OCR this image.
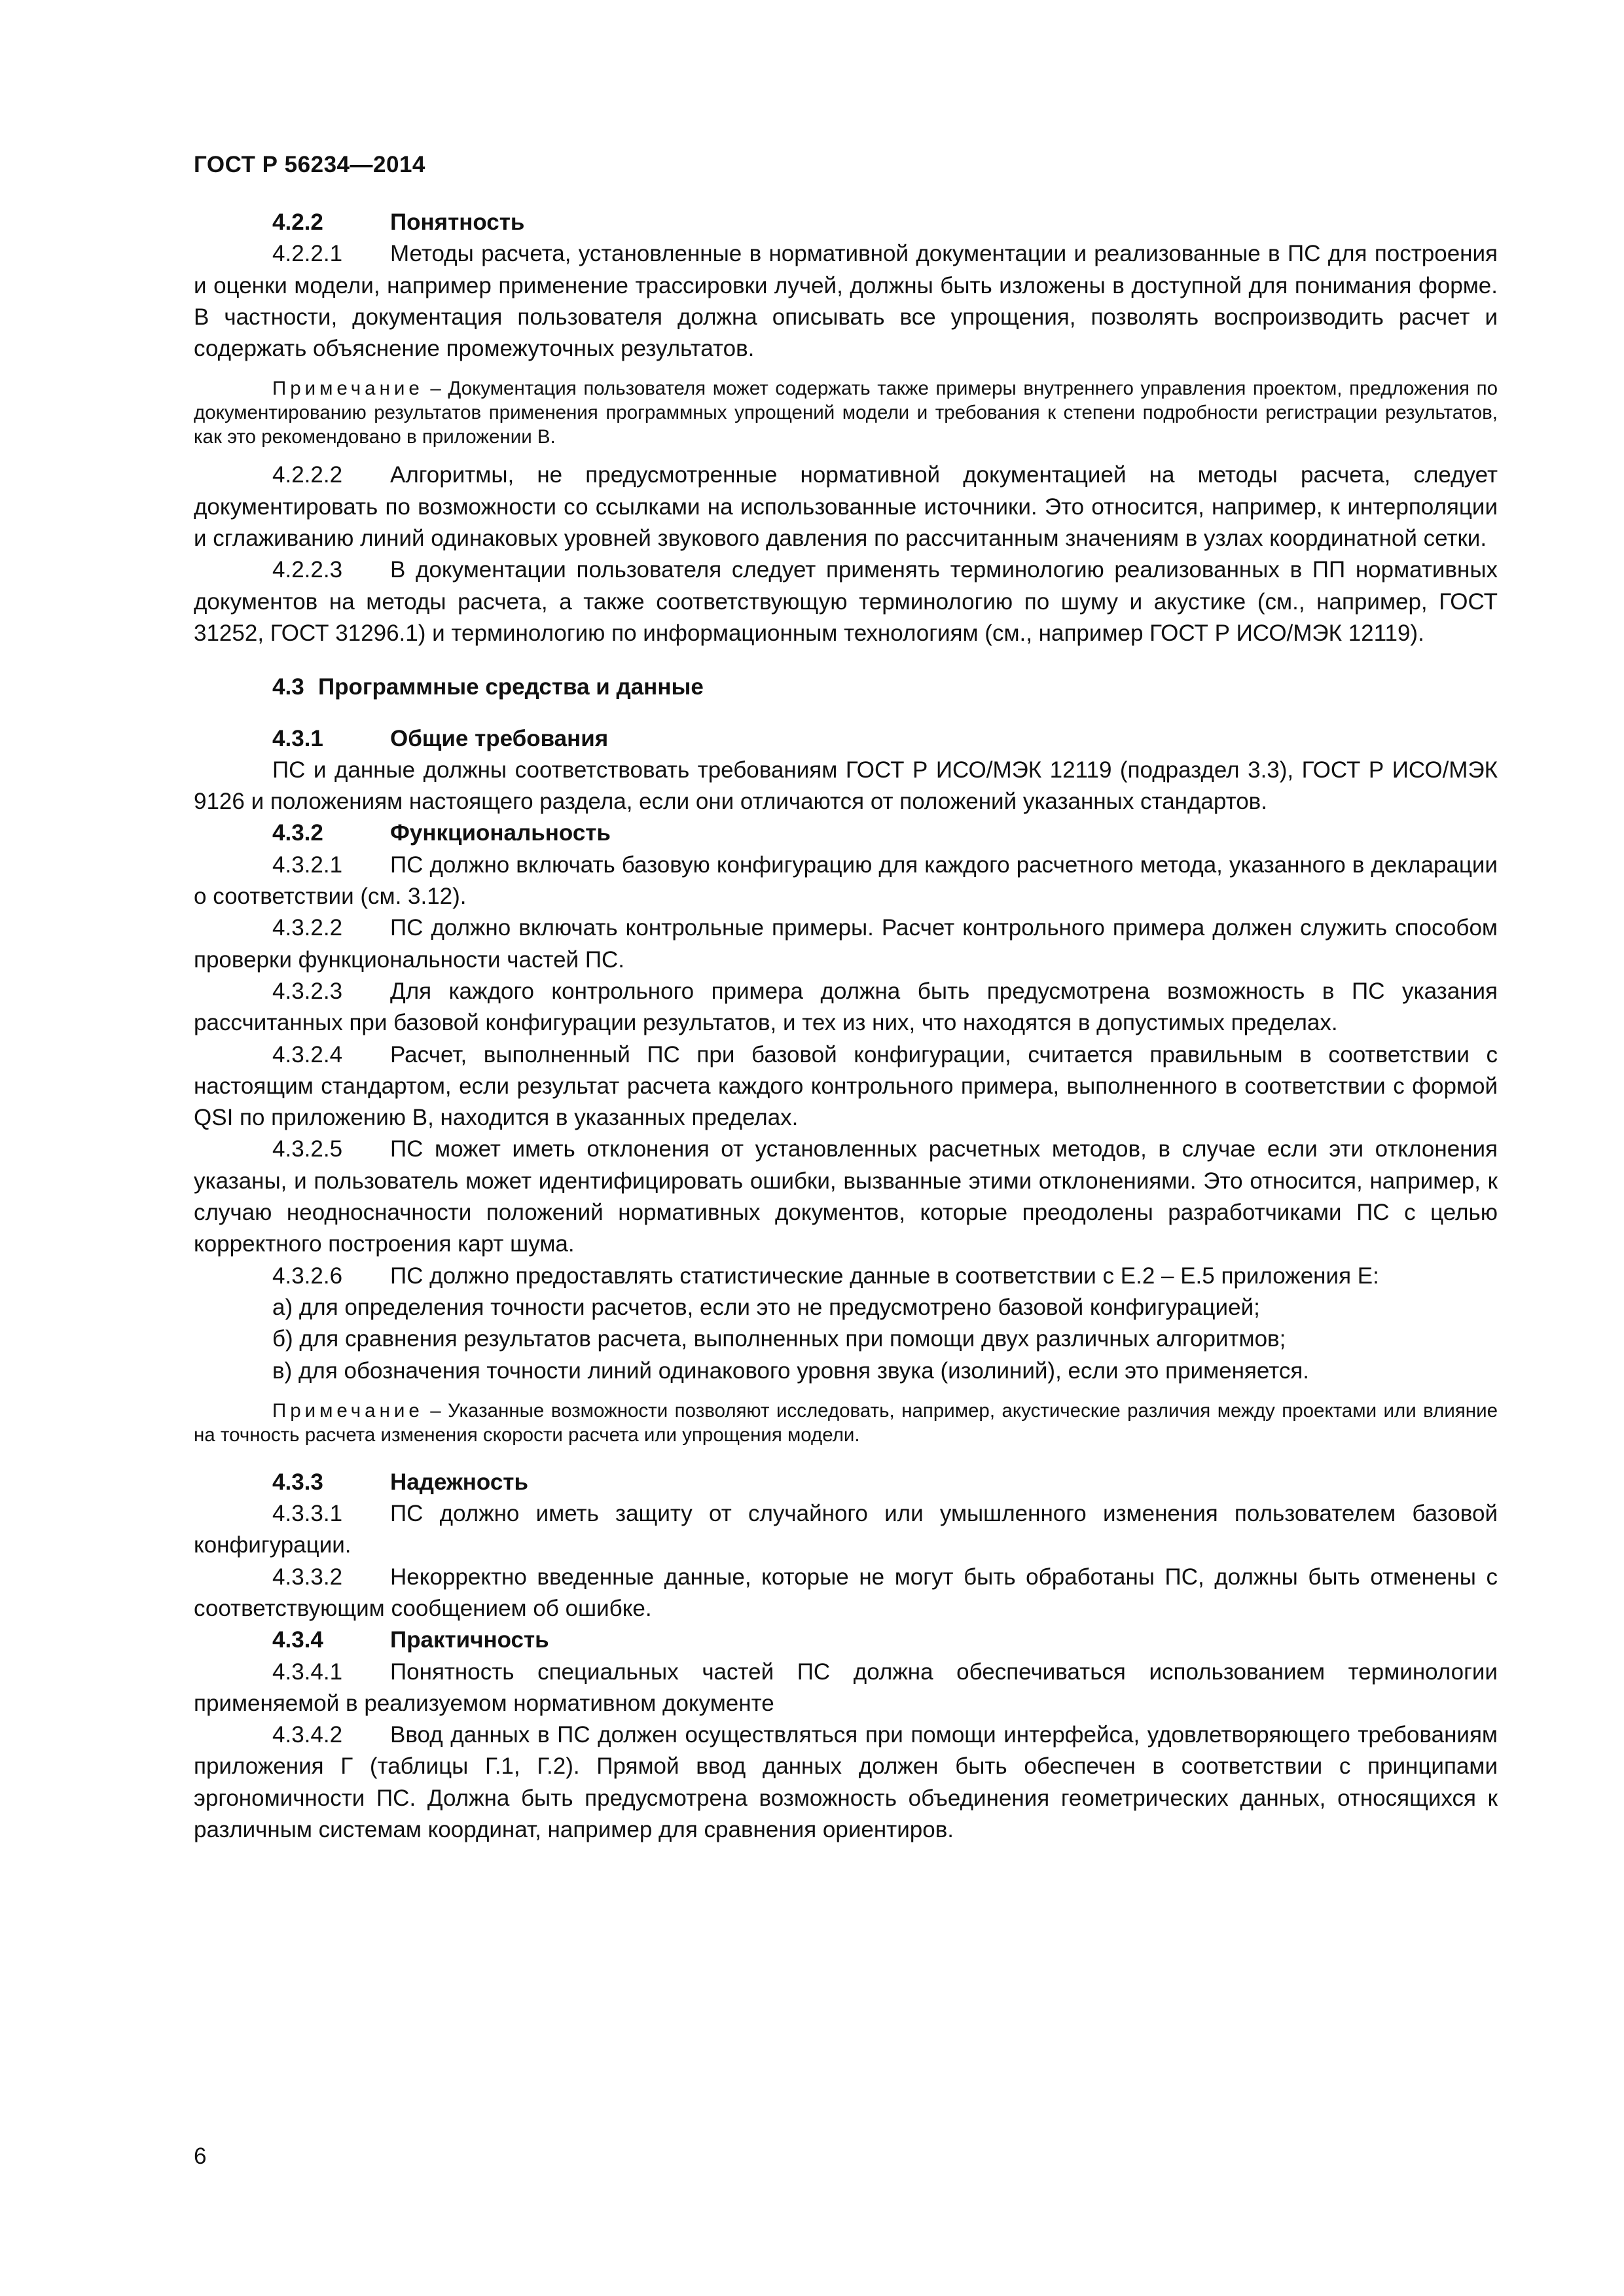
ГОСТ Р 56234—2014

4.2.2	Понятность

4.2.2.1 Методы расчета, установленные в нормативной документации и реализованные в ПС для построения и оценки модели, например применение трассировки лучей, должны быть изложены в доступной для понимания форме. В частности, документация пользователя должна описывать все упрощения, позволять воспроизводить расчет и содержать объяснение промежуточных результатов.

Примечание – Документация пользователя может содержать также примеры внутреннего управления проектом, предложения по документированию результатов применения программных упрощений модели и требования к степени подробности регистрации результатов, как это рекомендовано в приложении В.

4.2.2.2 Алгоритмы, не предусмотренные нормативной документацией на методы расчета, следует документировать по возможности со ссылками на использованные источники. Это относится, например, к интерполяции и сглаживанию линий одинаковых уровней звукового давления по рассчитанным значениям в узлах координатной сетки.

4.2.2.3 В документации пользователя следует применять терминологию реализованных в ПП нормативных документов на методы расчета, а также соответствующую терминологию по шуму и акустике (см., например, ГОСТ 31252, ГОСТ 31296.1) и терминологию по информационным технологиям (см., например ГОСТ Р ИСО/МЭК 12119).

4.3 Программные средства и данные

4.3.1	Общие требования

ПС и данные должны соответствовать требованиям ГОСТ Р ИСО/МЭК 12119 (подраздел 3.3), ГОСТ Р ИСО/МЭК 9126 и положениям настоящего раздела, если они отличаются от положений указанных стандартов.

4.3.2	Функциональность

4.3.2.1 ПС должно включать базовую конфигурацию для каждого расчетного метода, указанного в декларации о соответствии (см. 3.12).

4.3.2.2 ПС должно включать контрольные примеры. Расчет контрольного примера должен служить способом проверки функциональности частей ПС.

4.3.2.3 Для каждого контрольного примера должна быть предусмотрена возможность в ПС указания рассчитанных при базовой конфигурации результатов, и тех из них, что находятся в допустимых пределах.

4.3.2.4 Расчет, выполненный ПС при базовой конфигурации, считается правильным в соответствии с настоящим стандартом, если результат расчета каждого контрольного примера, выполненного в соответствии с формой QSI по приложению В, находится в указанных пределах.

4.3.2.5 ПС может иметь отклонения от установленных расчетных методов, в случае если эти отклонения указаны, и пользователь может идентифицировать ошибки, вызванные этими отклонениями. Это относится, например, к случаю неодносначности положений нормативных документов, которые преодолены разработчиками ПС с целью корректного построения карт шума.

4.3.2.6 ПС должно предоставлять статистические данные в соответствии с Е.2 – Е.5 приложения Е:

а) для определения точности расчетов, если это не предусмотрено базовой конфигурацией;

б) для сравнения результатов расчета, выполненных при помощи двух различных алгоритмов;

в) для обозначения точности линий одинакового уровня звука (изолиний), если это применяется.

Примечание – Указанные возможности позволяют исследовать, например, акустические различия между проектами или влияние на точность расчета изменения скорости расчета или упрощения модели.

4.3.3	Надежность

4.3.3.1 ПС должно иметь защиту от случайного или умышленного изменения пользователем базовой конфигурации.

4.3.3.2 Некорректно введенные данные, которые не могут быть обработаны ПС, должны быть отменены с соответствующим сообщением об ошибке.

4.3.4	Практичность

4.3.4.1 Понятность специальных частей ПС должна обеспечиваться использованием терминологии применяемой в реализуемом нормативном документе

4.3.4.2 Ввод данных в ПС должен осуществляться при помощи интерфейса, удовлетворяющего требованиям приложения Г (таблицы Г.1, Г.2). Прямой ввод данных должен быть обеспечен в соответствии с принципами эргономичности ПС. Должна быть предусмотрена возможность объединения геометрических данных, относящихся к различным системам координат, например для сравнения ориентиров.

6
